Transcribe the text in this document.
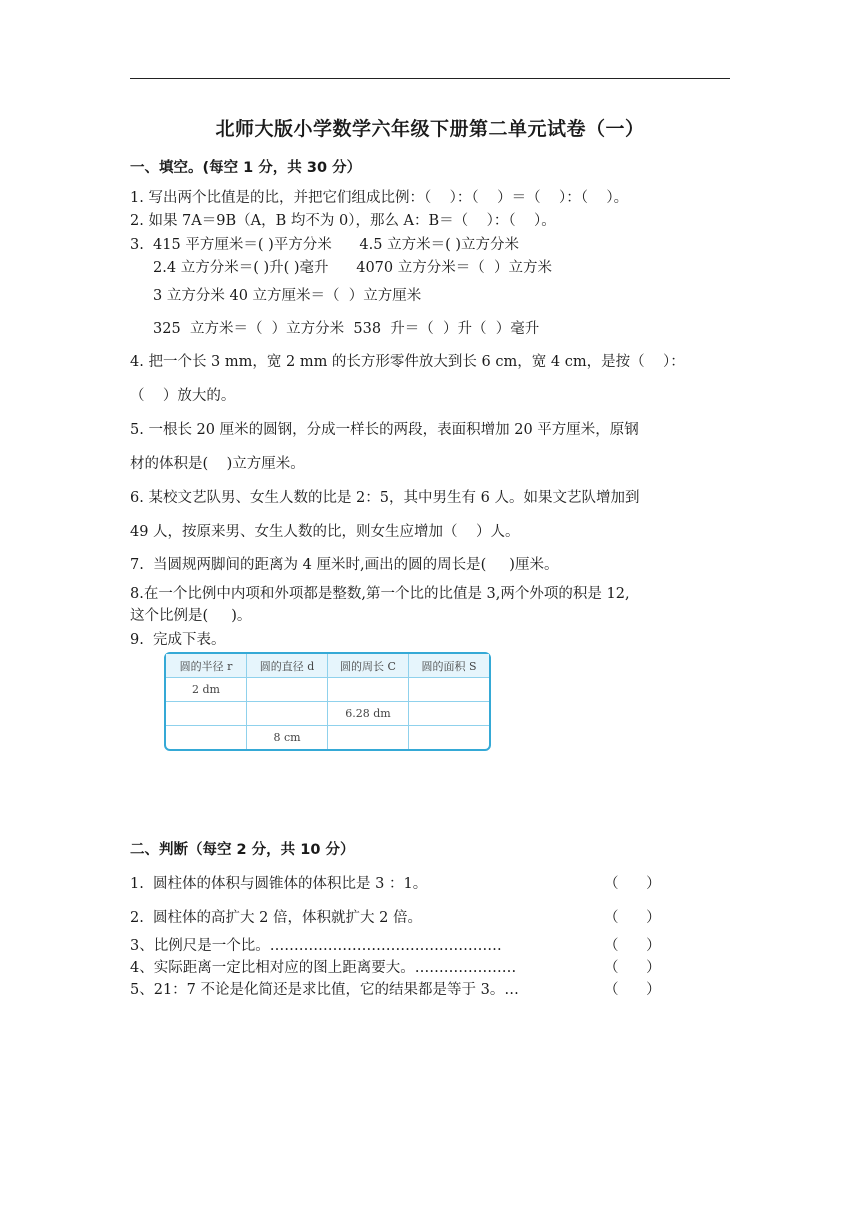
北师大版小学数学六年级下册第二单元试卷（一）
一、填空。(每空 1 分，共 30 分）
1. 写出两个比值是的比，并把它们组成比例：（    ）：（    ）＝（    ）：（    ）。
2. 如果 7A＝9B（A，B 均不为 0），那么 A：B＝（    ）：（    ）。
3.  415 平方厘米＝( )平方分米      4.5 立方米＝( )立方分米
2.4 立方分米＝( )升( )毫升      4070 立方分米＝（  ）立方米
3 立方分米 40 立方厘米＝（  ）立方厘米
325  立方米＝（  ）立方分米  538  升＝（  ）升（  ）毫升
4. 把一个长 3 mm，宽 2 mm 的长方形零件放大到长 6 cm，宽 4 cm，是按（    ）：
（    ）放大的。
5. 一根长 20 厘米的圆钢，分成一样长的两段，表面积增加 20 平方厘米，原钢
材的体积是(    )立方厘米。
6. 某校文艺队男、女生人数的比是 2：5，其中男生有 6 人。如果文艺队增加到
49 人，按原来男、女生人数的比，则女生应增加（    ）人。
7.  当圆规两脚间的距离为 4 厘米时,画出的圆的周长是(     )厘米。
8.在一个比例中内项和外项都是整数,第一个比的比值是 3,两个外项的积是 12,
这个比例是(     )。
9.  完成下表。
圆的半径 r	圆的直径 d	圆的周长 C	圆的面积 S
2 dm			
		6.28 dm	
	8 cm		
二、判断（每空 2 分，共 10 分）
1.  圆柱体的体积与圆锥体的体积比是 3 ：1。	（      ）
2.  圆柱体的高扩大 2 倍，体积就扩大 2 倍。	（      ）
3、比例尺是一个比。…………………………………………	（      ）
4、实际距离一定比相对应的图上距离要大。…………………	（      ）
5、21：7 不论是化简还是求比值，它的结果都是等于 3。…	（      ）
